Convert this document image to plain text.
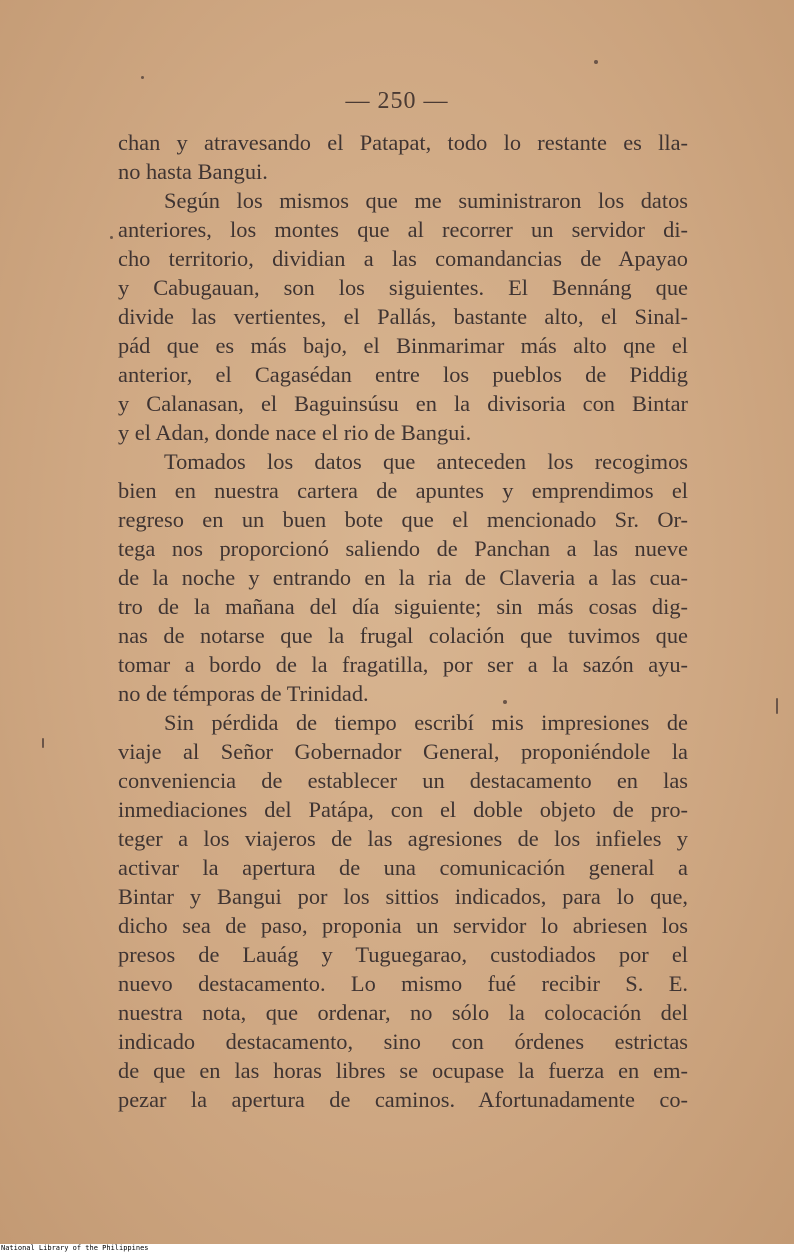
— 250 —
chan y atravesando el Patapat, todo lo restante es lla-
no hasta Bangui.
Según los mismos que me suministraron los datos
anteriores, los montes que al recorrer un servidor di-
cho territorio, dividian a las comandancias de Apayao
y Cabugauan, son los siguientes. El Bennáng que
divide las vertientes, el Pallás, bastante alto, el Sinal-
pád que es más bajo, el Binmarimar más alto qne el
anterior, el Cagasédan entre los pueblos de Piddig
y Calanasan, el Baguinsúsu en la divisoria con Bintar
y el Adan, donde nace el rio de Bangui.
Tomados los datos que anteceden los recogimos
bien en nuestra cartera de apuntes y emprendimos el
regreso en un buen bote que el mencionado Sr. Or-
tega nos proporcionó saliendo de Panchan a las nueve
de la noche y entrando en la ria de Claveria a las cua-
tro de la mañana del día siguiente; sin más cosas dig-
nas de notarse que la frugal colación que tuvimos que
tomar a bordo de la fragatilla, por ser a la sazón ayu-
no de témporas de Trinidad.
Sin pérdida de tiempo escribí mis impresiones de
viaje al Señor Gobernador General, proponiéndole la
conveniencia de establecer un destacamento en las
inmediaciones del Patápa, con el doble objeto de pro-
teger a los viajeros de las agresiones de los infieles y
activar la apertura de una comunicación general a
Bintar y Bangui por los sittios indicados, para lo que,
dicho sea de paso, proponia un servidor lo abriesen los
presos de Lauág y Tuguegarao, custodiados por el
nuevo destacamento. Lo mismo fué recibir S. E.
nuestra nota, que ordenar, no sólo la colocación del
indicado destacamento, sino con órdenes estrictas
de que en las horas libres se ocupase la fuerza en em-
pezar la apertura de caminos. Afortunadamente co-
National Library of the Philippines
